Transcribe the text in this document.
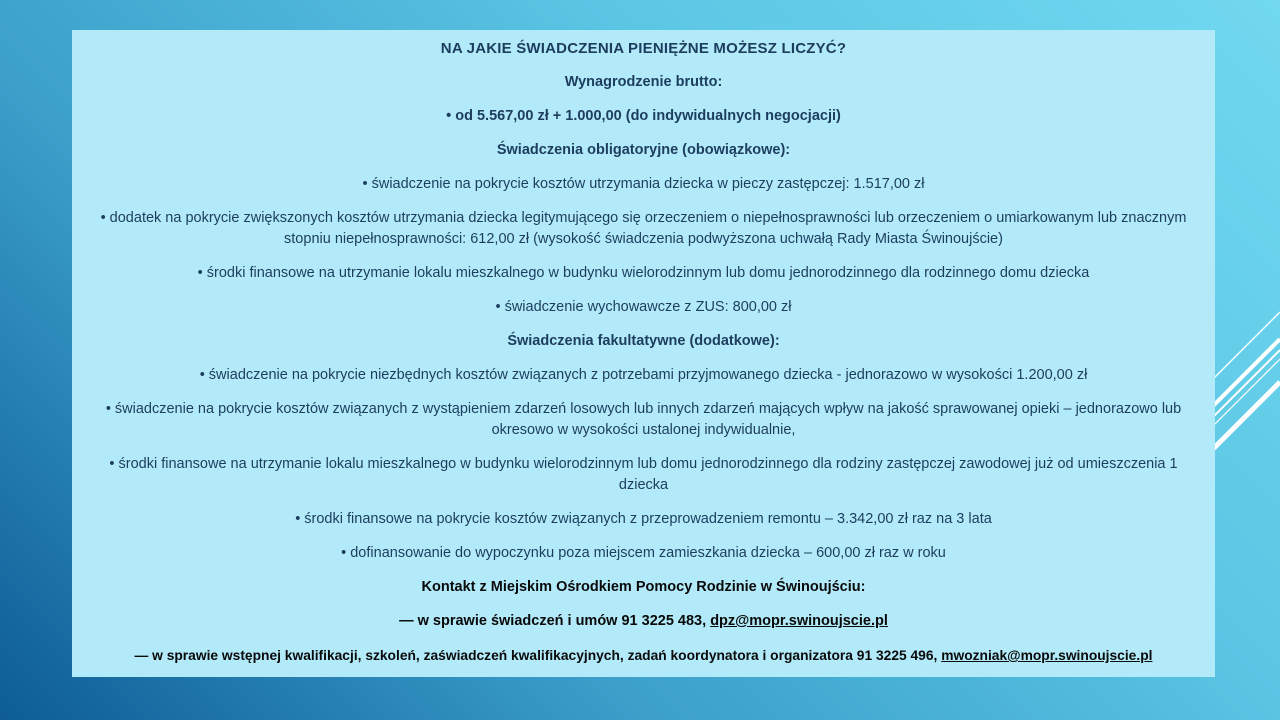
NA JAKIE ŚWIADCZENIA PIENIĘŻNE MOŻESZ LICZYĆ?

Wynagrodzenie brutto:

• od 5.567,00 zł + 1.000,00 (do indywidualnych negocjacji)

Świadczenia obligatoryjne (obowiązkowe):

• świadczenie na pokrycie kosztów utrzymania dziecka w pieczy zastępczej: 1.517,00 zł

• dodatek na pokrycie zwiększonych kosztów utrzymania dziecka legitymującego się orzeczeniem o niepełnosprawności lub orzeczeniem o umiarkowanym lub znacznym stopniu niepełnosprawności: 612,00 zł (wysokość świadczenia podwyższona uchwałą Rady Miasta Świnoujście)

• środki finansowe na utrzymanie lokalu mieszkalnego w budynku wielorodzinnym lub domu jednorodzinnego dla rodzinnego domu dziecka

• świadczenie wychowawcze z ZUS: 800,00 zł

Świadczenia fakultatywne (dodatkowe):

• świadczenie na pokrycie niezbędnych kosztów związanych z potrzebami przyjmowanego dziecka - jednorazowo w wysokości 1.200,00 zł

• świadczenie na pokrycie kosztów związanych z wystąpieniem zdarzeń losowych lub innych zdarzeń mających wpływ na jakość sprawowanej opieki – jednorazowo lub okresowo w wysokości ustalonej indywidualnie,

• środki finansowe na utrzymanie lokalu mieszkalnego w budynku wielorodzinnym lub domu jednorodzinnego dla rodziny zastępczej zawodowej już od umieszczenia 1 dziecka

• środki finansowe na pokrycie kosztów związanych z przeprowadzeniem remontu – 3.342,00 zł raz na 3 lata

• dofinansowanie do wypoczynku poza miejscem zamieszkania dziecka – 600,00 zł raz w roku

Kontakt z Miejskim Ośrodkiem Pomocy Rodzinie w Świnoujściu:

— w sprawie świadczeń i umów 91 3225 483, dpz@mopr.swinoujscie.pl

— w sprawie wstępnej kwalifikacji, szkoleń, zaświadczeń kwalifikacyjnych, zadań koordynatora i organizatora 91 3225 496, mwozniak@mopr.swinoujscie.pl
